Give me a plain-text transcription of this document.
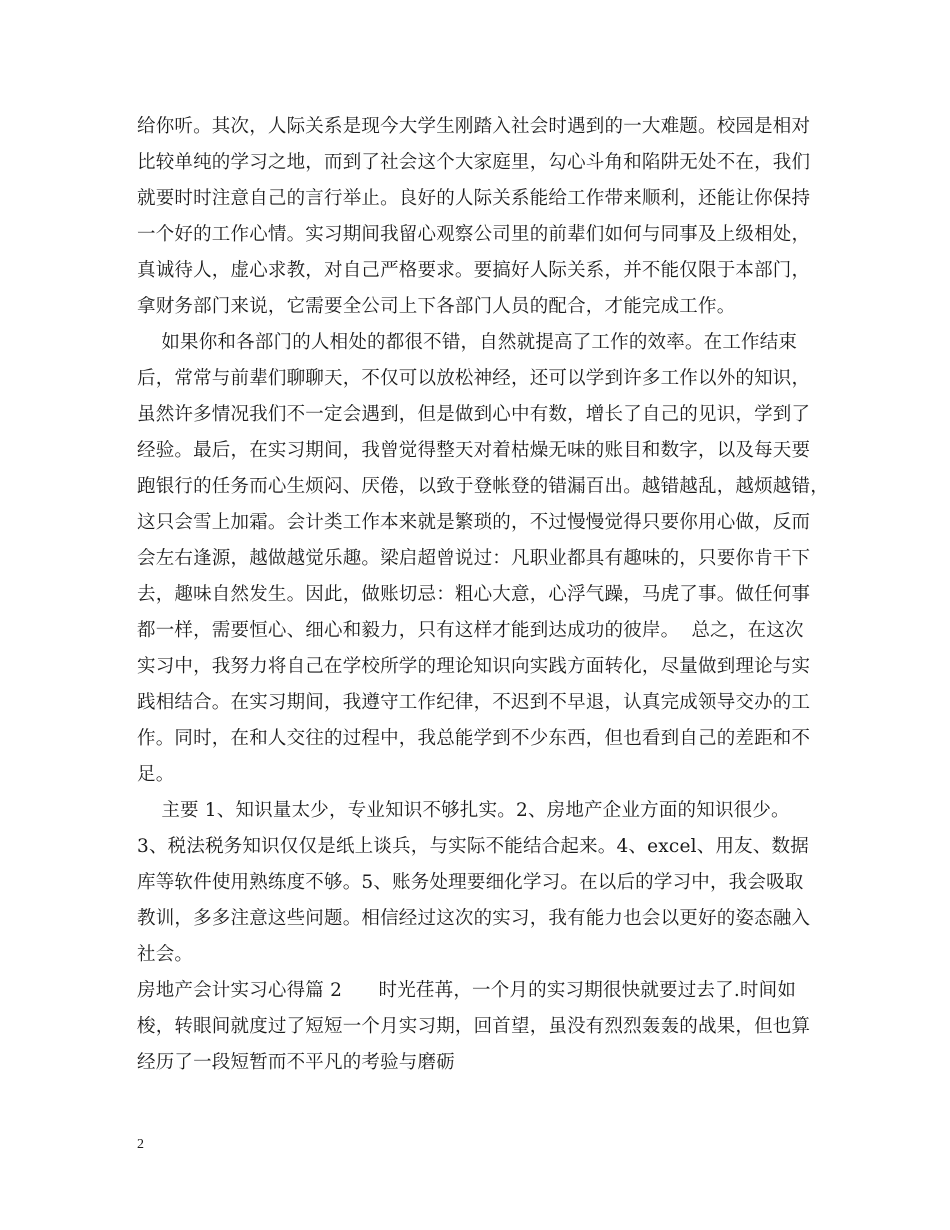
给你听。其次，人际关系是现今大学生刚踏入社会时遇到的一大难题。校园是相对
比较单纯的学习之地，而到了社会这个大家庭里，勾心斗角和陷阱无处不在，我们
就要时时注意自己的言行举止。良好的人际关系能给工作带来顺利，还能让你保持
一个好的工作心情。实习期间我留心观察公司里的前辈们如何与同事及上级相处，
真诚待人，虚心求教，对自己严格要求。要搞好人际关系，并不能仅限于本部门，
拿财务部门来说，它需要全公司上下各部门人员的配合，才能完成工作。
如果你和各部门的人相处的都很不错，自然就提高了工作的效率。在工作结束
后，常常与前辈们聊聊天，不仅可以放松神经，还可以学到许多工作以外的知识，
虽然许多情况我们不一定会遇到，但是做到心中有数，增长了自己的见识，学到了
经验。最后，在实习期间，我曾觉得整天对着枯燥无味的账目和数字，以及每天要
跑银行的任务而心生烦闷、厌倦，以致于登帐登的错漏百出。越错越乱，越烦越错，
这只会雪上加霜。会计类工作本来就是繁琐的，不过慢慢觉得只要你用心做，反而
会左右逢源，越做越觉乐趣。梁启超曾说过：凡职业都具有趣味的，只要你肯干下
去，趣味自然发生。因此，做账切忌：粗心大意，心浮气躁，马虎了事。做任何事
都一样，需要恒心、细心和毅力，只有这样才能到达成功的彼岸。  总之，在这次
实习中，我努力将自己在学校所学的理论知识向实践方面转化，尽量做到理论与实
践相结合。在实习期间，我遵守工作纪律，不迟到不早退，认真完成领导交办的工
作。同时，在和人交往的过程中，我总能学到不少东西，但也看到自己的差距和不
足。
主要 1、知识量太少，专业知识不够扎实。2、房地产企业方面的知识很少。
3、税法税务知识仅仅是纸上谈兵，与实际不能结合起来。4、excel、用友、数据
库等软件使用熟练度不够。5、账务处理要细化学习。在以后的学习中，我会吸取
教训，多多注意这些问题。相信经过这次的实习，我有能力也会以更好的姿态融入
社会。
房地产会计实习心得篇 2      时光荏苒，一个月的实习期很快就要过去了.时间如
梭，转眼间就度过了短短一个月实习期，回首望，虽没有烈烈轰轰的战果，但也算
经历了一段短暂而不平凡的考验与磨砺
2
